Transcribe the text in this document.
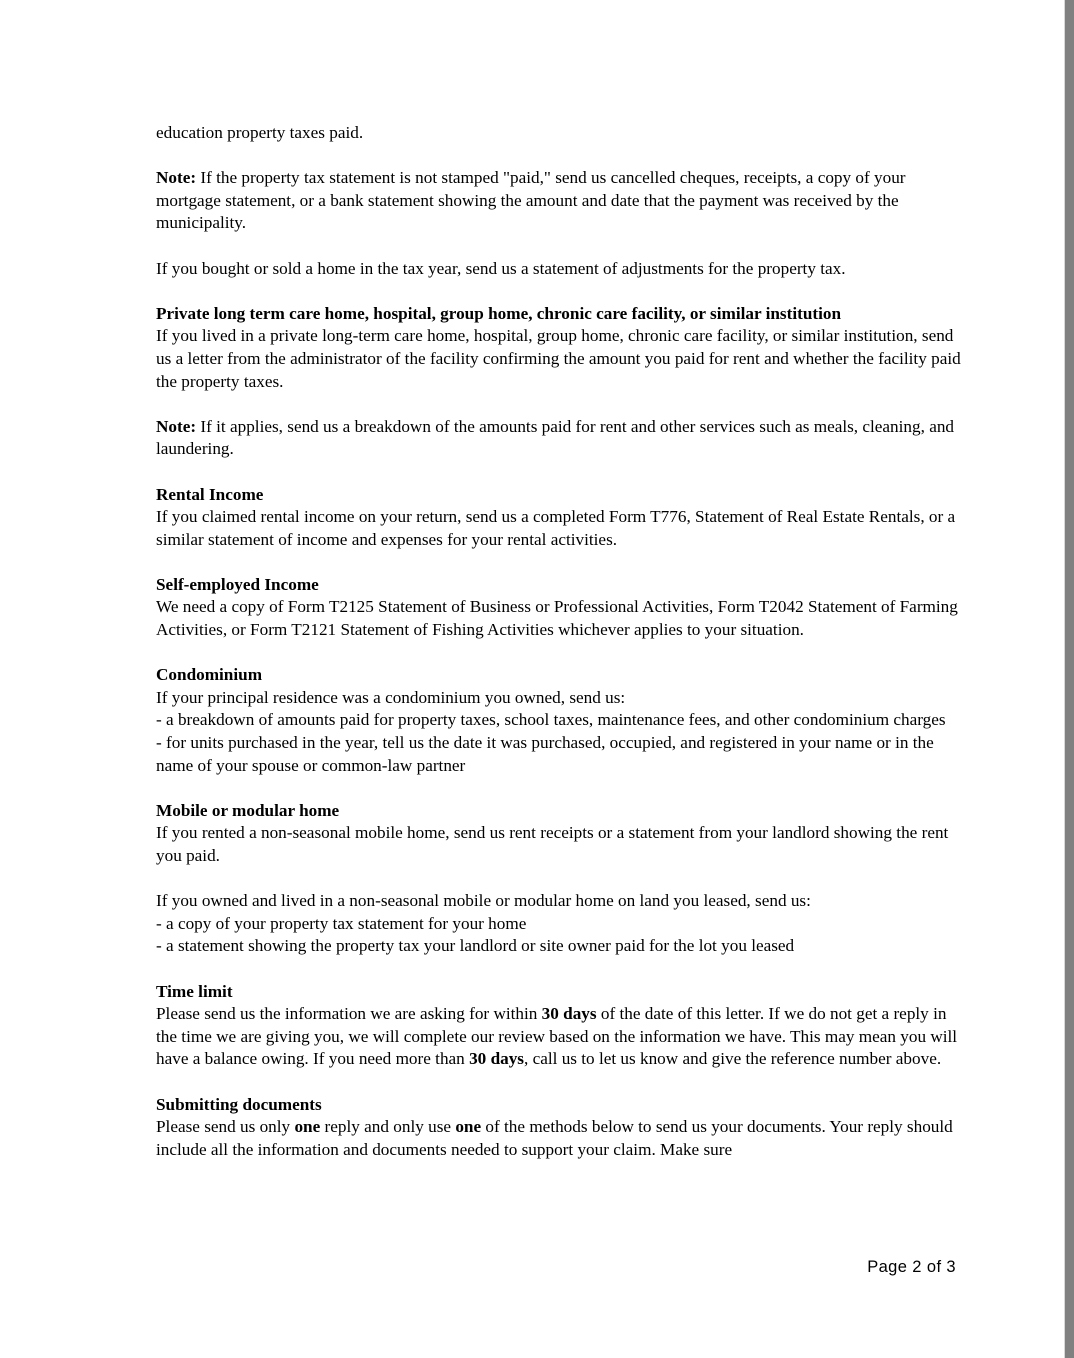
education property taxes paid.

Note: If the property tax statement is not stamped "paid," send us cancelled cheques, receipts, a copy of your mortgage statement, or a bank statement showing the amount and date that the payment was received by the municipality.

If you bought or sold a home in the tax year, send us a statement of adjustments for the property tax.

Private long term care home, hospital, group home, chronic care facility, or similar institution

If you lived in a private long-term care home, hospital, group home, chronic care facility, or similar institution, send us a letter from the administrator of the facility confirming the amount you paid for rent and whether the facility paid the property taxes.

Note: If it applies, send us a breakdown of the amounts paid for rent and other services such as meals, cleaning, and laundering.

Rental Income

If you claimed rental income on your return, send us a completed Form T776, Statement of Real Estate Rentals, or a similar statement of income and expenses for your rental activities.

Self-employed Income

We need a copy of Form T2125 Statement of Business or Professional Activities, Form T2042 Statement of Farming Activities, or Form T2121 Statement of Fishing Activities whichever applies to your situation.

Condominium

If your principal residence was a condominium you owned, send us:

- a breakdown of amounts paid for property taxes, school taxes, maintenance fees, and other condominium charges

- for units purchased in the year, tell us the date it was purchased, occupied, and registered in your name or in the name of your spouse or common-law partner

Mobile or modular home

If you rented a non-seasonal mobile home, send us rent receipts or a statement from your landlord showing the rent you paid.

If you owned and lived in a non-seasonal mobile or modular home on land you leased, send us:

- a copy of your property tax statement for your home

- a statement showing the property tax your landlord or site owner paid for the lot you leased

Time limit

Please send us the information we are asking for within 30 days of the date of this letter. If we do not get a reply in the time we are giving you, we will complete our review based on the information we have. This may mean you will have a balance owing. If you need more than 30 days, call us to let us know and give the reference number above.

Submitting documents

Please send us only one reply and only use one of the methods below to send us your documents. Your reply should include all the information and documents needed to support your claim. Make sure

Page 2 of 3
